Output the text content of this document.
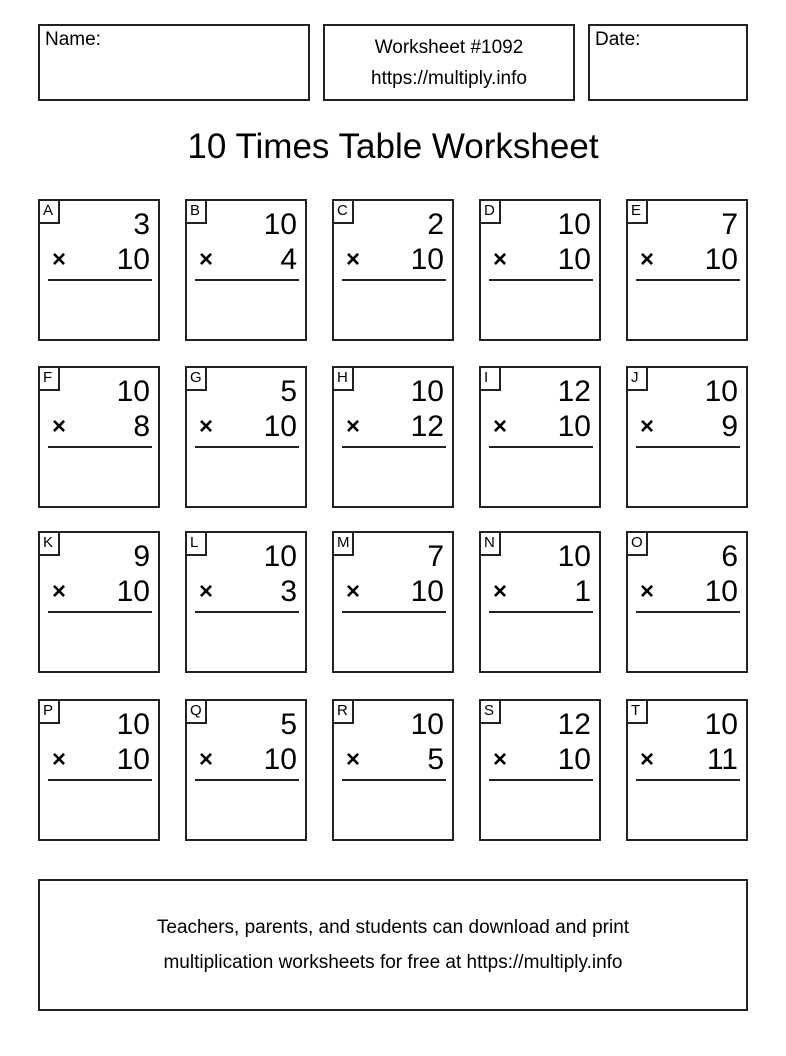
Name:	Worksheet #1092
https://multiply.info
Date:
10 Times Table Worksheet
A	3
× 10
B 10
× 4
C	2
× 10
D 10
× 10
E	7
× 10
F 10
× 8
G	5
× 10
H 10
× 12
I	12
× 10
J	10
× 9
K	9
× 10
L 10
× 3
M	7
× 10
N 10
× 1
O	6
× 10
P 10
× 10
Q	5
× 10
R 10
× 5
S 12
× 10
T 10
× 11
Teachers, parents, and students can download and print
multiplication worksheets for free at https://multiply.info
